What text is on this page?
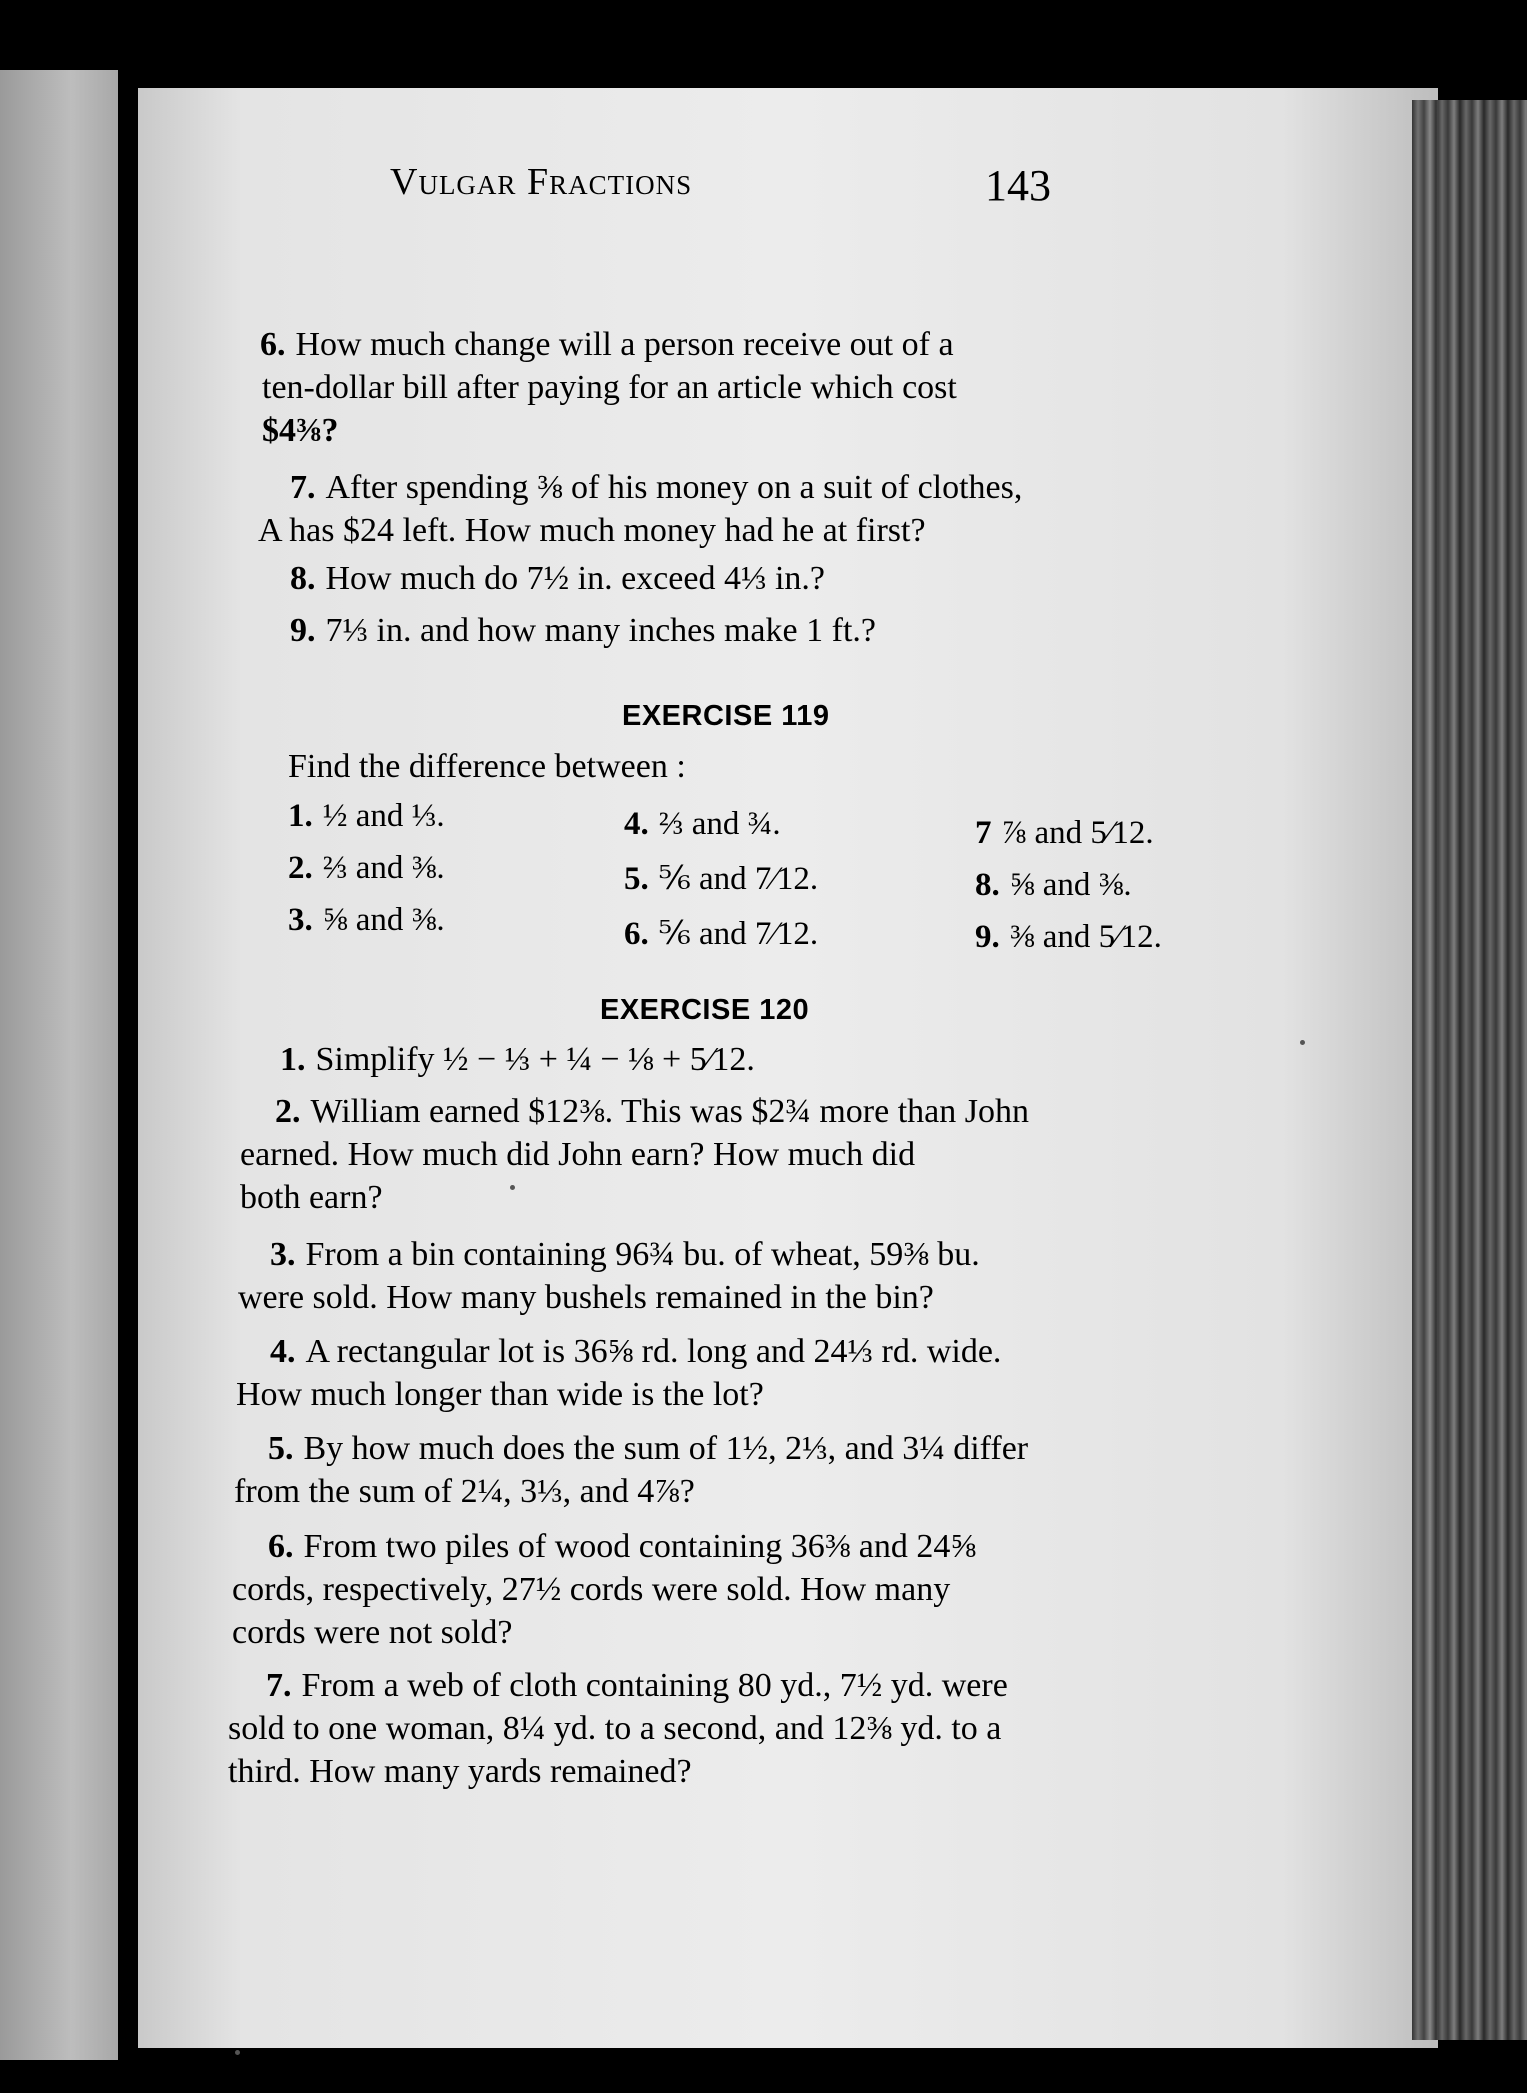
Vulgar Fractions	143
6. How much change will a person receive out of a
ten-dollar bill after paying for an article which cost
$4⅜?
7. After spending ⅜ of his money on a suit of clothes,
A has $24 left. How much money had he at first?
8. How much do 7½ in. exceed 4⅓ in.?
9. 7⅓ in. and how many inches make 1 ft.?
EXERCISE 119
Find the difference between :
1. ½ and ⅓.
2. ⅔ and ⅜.
3. ⅝ and ⅜.
4. ⅔ and ¾.
5. ⅚ and 7⁄12.
6. ⅚ and 7⁄12.
7 ⅞ and 5⁄12.
8. ⅝ and ⅜.
9. ⅜ and 5⁄12.
EXERCISE 120
1. Simplify ½ − ⅓ + ¼ − ⅛ + 5⁄12.
2. William earned $12⅜. This was $2¾ more than John
earned. How much did John earn? How much did
both earn?
3. From a bin containing 96¾ bu. of wheat, 59⅜ bu.
were sold. How many bushels remained in the bin?
4. A rectangular lot is 36⅝ rd. long and 24⅓ rd. wide.
How much longer than wide is the lot?
5. By how much does the sum of 1½, 2⅓, and 3¼ differ
from the sum of 2¼, 3⅓, and 4⅞?
6. From two piles of wood containing 36⅜ and 24⅝
cords, respectively, 27½ cords were sold. How many
cords were not sold?
7. From a web of cloth containing 80 yd., 7½ yd. were
sold to one woman, 8¼ yd. to a second, and 12⅜ yd. to a
third. How many yards remained?
